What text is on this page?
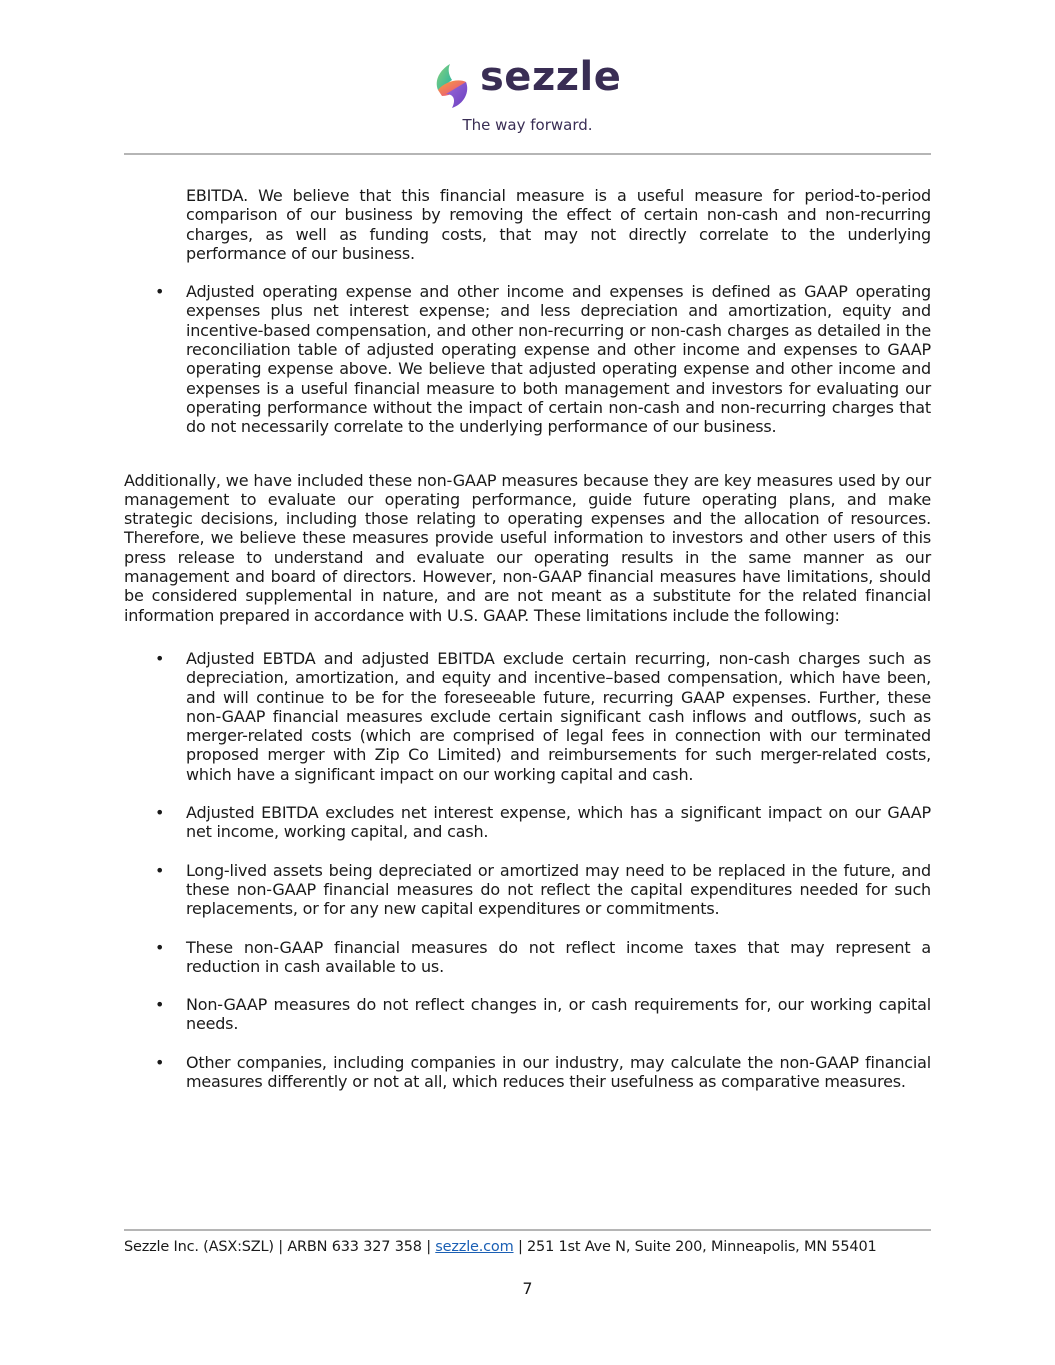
sezzle
The way forward.

EBITDA. We believe that this financial measure is a useful measure for period-to-period comparison of our business by removing the effect of certain non-cash and non-recurring charges, as well as funding costs, that may not directly correlate to the underlying performance of our business.

• Adjusted operating expense and other income and expenses is defined as GAAP operating expenses plus net interest expense; and less depreciation and amortization, equity and incentive-based compensation, and other non-recurring or non-cash charges as detailed in the reconciliation table of adjusted operating expense and other income and expenses to GAAP operating expense above. We believe that adjusted operating expense and other income and expenses is a useful financial measure to both management and investors for evaluating our operating performance without the impact of certain non-cash and non-recurring charges that do not necessarily correlate to the underlying performance of our business.

Additionally, we have included these non-GAAP measures because they are key measures used by our management to evaluate our operating performance, guide future operating plans, and make strategic decisions, including those relating to operating expenses and the allocation of resources. Therefore, we believe these measures provide useful information to investors and other users of this press release to understand and evaluate our operating results in the same manner as our management and board of directors. However, non-GAAP financial measures have limitations, should be considered supplemental in nature, and are not meant as a substitute for the related financial information prepared in accordance with U.S. GAAP. These limitations include the following:

• Adjusted EBTDA and adjusted EBITDA exclude certain recurring, non-cash charges such as depreciation, amortization, and equity and incentive–based compensation, which have been, and will continue to be for the foreseeable future, recurring GAAP expenses. Further, these non-GAAP financial measures exclude certain significant cash inflows and outflows, such as merger-related costs (which are comprised of legal fees in connection with our terminated proposed merger with Zip Co Limited) and reimbursements for such merger-related costs, which have a significant impact on our working capital and cash.

• Adjusted EBITDA excludes net interest expense, which has a significant impact on our GAAP net income, working capital, and cash.

• Long-lived assets being depreciated or amortized may need to be replaced in the future, and these non-GAAP financial measures do not reflect the capital expenditures needed for such replacements, or for any new capital expenditures or commitments.

• These non-GAAP financial measures do not reflect income taxes that may represent a reduction in cash available to us.

• Non-GAAP measures do not reflect changes in, or cash requirements for, our working capital needs.

• Other companies, including companies in our industry, may calculate the non-GAAP financial measures differently or not at all, which reduces their usefulness as comparative measures.

Sezzle Inc. (ASX:SZL) | ARBN 633 327 358 | sezzle.com | 251 1st Ave N, Suite 200, Minneapolis, MN 55401
7
